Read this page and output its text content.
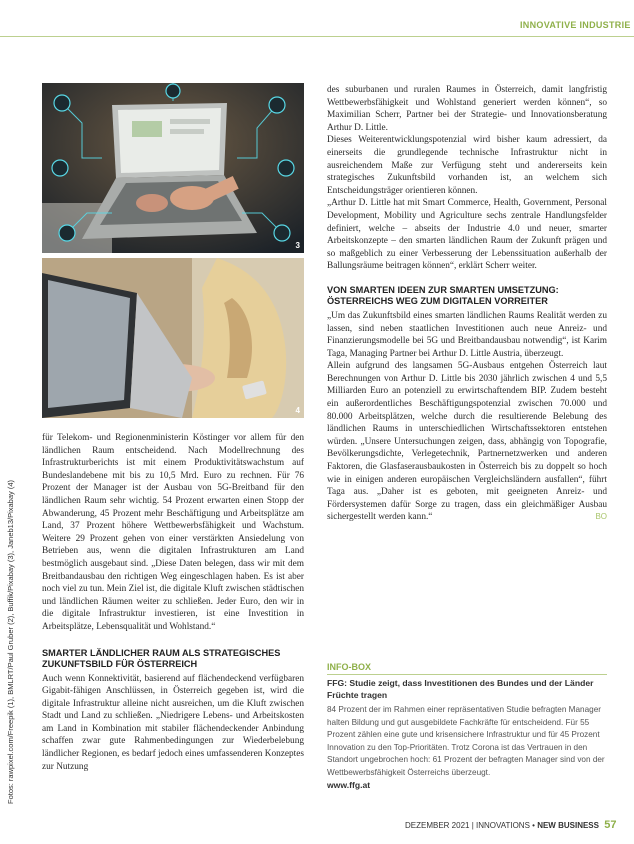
INNOVATIVE INDUSTRIE
3
4
Fotos: rawpixel.com/Freepik (1), BMLRT/Paul Gruber (2), Buffik/Pixabay (3), Janeb13/Pixabay (4)

für Telekom- und Regionenministerin Köstinger vor allem für den ländlichen Raum entscheidend. Nach Modellrechnung des Infrastrukturberichts ist mit einem Produktivitätswachstum auf Bundeslandebene mit bis zu 10,5 Mrd. Euro zu rechnen. Für 76 Prozent der Manager ist der Ausbau von 5G-Breitband für den ländlichen Raum sehr wichtig. 54 Prozent erwarten einen Stopp der Abwanderung, 45 Prozent mehr Beschäftigung und Arbeitsplätze am Land, 37 Prozent höhere Wettbewerbsfähigkeit und Wachstum. Weitere 29 Prozent gehen von einer verstärkten Ansiedelung von Betrieben aus, wenn die digitalen Infrastrukturen am Land bestmöglich ausgebaut sind. „Diese Daten belegen, dass wir mit dem Breitbandausbau den richtigen Weg eingeschlagen haben. Es ist aber noch viel zu tun. Mein Ziel ist, die digitale Kluft zwischen städtischen und ländlichen Räumen weiter zu schließen. Jeder Euro, den wir in die digitale Infrastruktur investieren, ist eine Investition in Arbeitsplätze, Lebensqualität und Wohlstand.“

SMARTER LÄNDLICHER RAUM ALS STRATEGISCHES ZUKUNFTSBILD FÜR ÖSTERREICH

Auch wenn Konnektivität, basierend auf flächendeckend verfügbaren Gigabit-fähigen Anschlüssen, in Österreich gegeben ist, wird die digitale Infrastruktur alleine nicht ausreichen, um die Kluft zwischen Stadt und Land zu schließen. „Niedrigere Lebens- und Arbeitskosten am Land in Kombination mit stabiler flächendeckender Anbindung schaffen zwar gute Rahmenbedingungen zur Wiederbelebung ländlicher Regionen, es bedarf jedoch eines umfassenderen Konzeptes zur Nutzung

des suburbanen und ruralen Raumes in Österreich, damit langfristig Wettbewerbsfähigkeit und Wohlstand generiert werden können“, so Maximilian Scherr, Partner bei der Strategie- und Innovationsberatung Arthur D. Little.

Dieses Weiterentwicklungspotenzial wird bisher kaum adressiert, da einerseits die grundlegende technische Infrastruktur nicht in ausreichendem Maße zur Verfügung steht und andererseits kein strategisches Zukunftsbild vorhanden ist, an welchem sich Entscheidungsträger orientieren können.

„Arthur D. Little hat mit Smart Commerce, Health, Government, Personal Development, Mobility und Agriculture sechs zentrale Handlungsfelder definiert, welche – abseits der Industrie 4.0 und neuer, smarter Arbeitskonzepte – den smarten ländlichen Raum der Zukunft prägen und so maßgeblich zu einer Verbesserung der Lebenssituation außerhalb der Ballungsräume beitragen können“, erklärt Scherr weiter.

VON SMARTEN IDEEN ZUR SMARTEN UMSETZUNG: ÖSTERREICHS WEG ZUM DIGITALEN VORREITER

„Um das Zukunftsbild eines smarten ländlichen Raums Realität werden zu lassen, sind neben staatlichen Investitionen auch neue Anreiz- und Finanzierungsmodelle bei 5G und Breitbandausbau notwendig“, ist Karim Taga, Managing Partner bei Arthur D. Little Austria, überzeugt.

Allein aufgrund des langsamen 5G-Ausbaus entgehen Österreich laut Berechnungen von Arthur D. Little bis 2030 jährlich zwischen 4 und 5,5 Milliarden Euro an potenziell zu erwirtschaftendem BIP. Zudem besteht ein außerordentliches Beschäftigungspotenzial zwischen 70.000 und 80.000 Arbeitsplätzen, welche durch die resultierende Belebung des ländlichen Raums in unterschiedlichen Wirtschaftssektoren entstehen würden. „Unsere Untersuchungen zeigen, dass, abhängig von Topografie, Bevölkerungsdichte, Verlegetechnik, Partnernetzwerken und anderen Faktoren, die Glasfaserausbaukosten in Österreich bis zu doppelt so hoch wie in einigen anderen europäischen Vergleichsländern ausfallen“, führt Taga aus. „Daher ist es geboten, mit geeigneten Anreiz- und Fördersystemen dafür Sorge zu tragen, dass ein gleichmäßiger Ausbau sichergestellt werden kann.“	BO

INFO-BOX
FFG: Studie zeigt, dass Investitionen des Bundes und der Länder Früchte tragen
84 Prozent der im Rahmen einer repräsentativen Studie befragten Manager halten Bildung und gut ausgebildete Fachkräfte für entscheidend. Für 55 Prozent zählen eine gute und krisensichere Infrastruktur und für 45 Prozent Innovation zu den Top-Prioritäten. Trotz Corona ist das Vertrauen in den Standort ungebrochen hoch: 61 Prozent der befragten Manager sind von der Wettbewerbsfähigkeit Österreichs überzeugt.
www.ffg.at
DEZEMBER 2021 | INNOVATIONS • NEW BUSINESS 57
